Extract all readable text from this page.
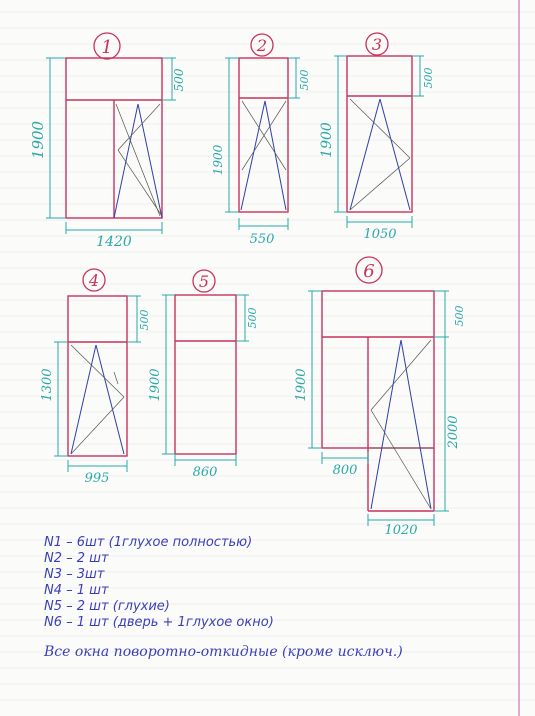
1
1900
500
1420
2
1900
500
550
3
1900
500
1050
4
1300
500
995
5
1900
500
860
6
1900
500
2000
800
1020
N1 – 6шт (1глухое полностью)
N2 – 2 шт
N3 – 3шт
N4 – 1 шт
N5 – 2 шт (глухие)
N6 – 1 шт (дверь + 1глухое окно)
Все окна поворотно-откидные (кроме исключ.)
